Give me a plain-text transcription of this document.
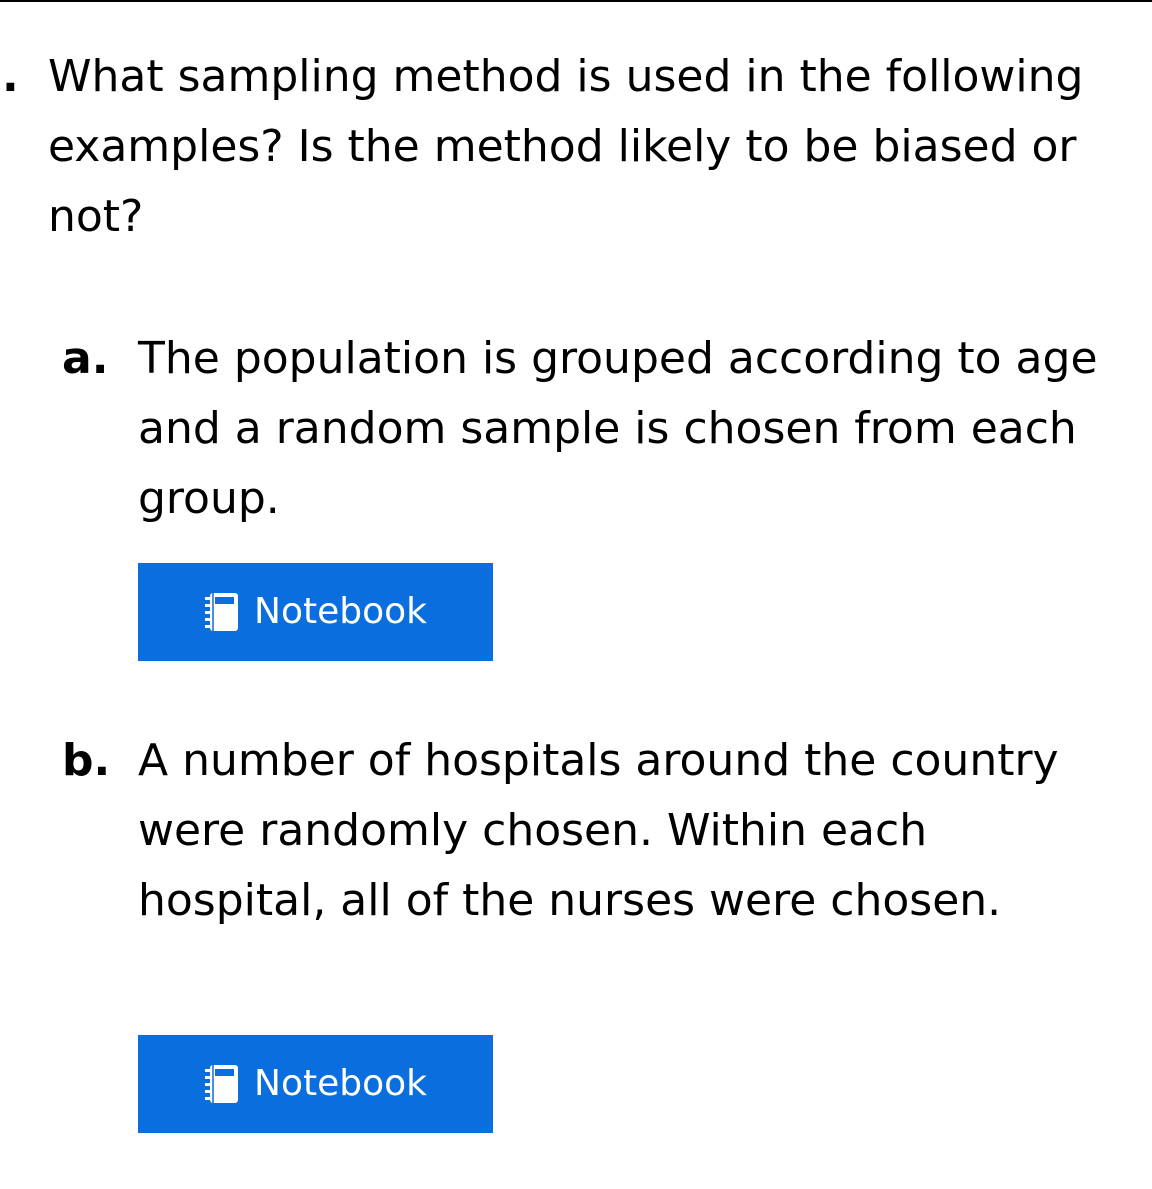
. What sampling method is used in the following examples? Is the method likely to be biased or not?
a. The population is grouped according to age and a random sample is chosen from each group.
Notebook
b. A number of hospitals around the country were randomly chosen. Within each hospital, all of the nurses were chosen.
Notebook
